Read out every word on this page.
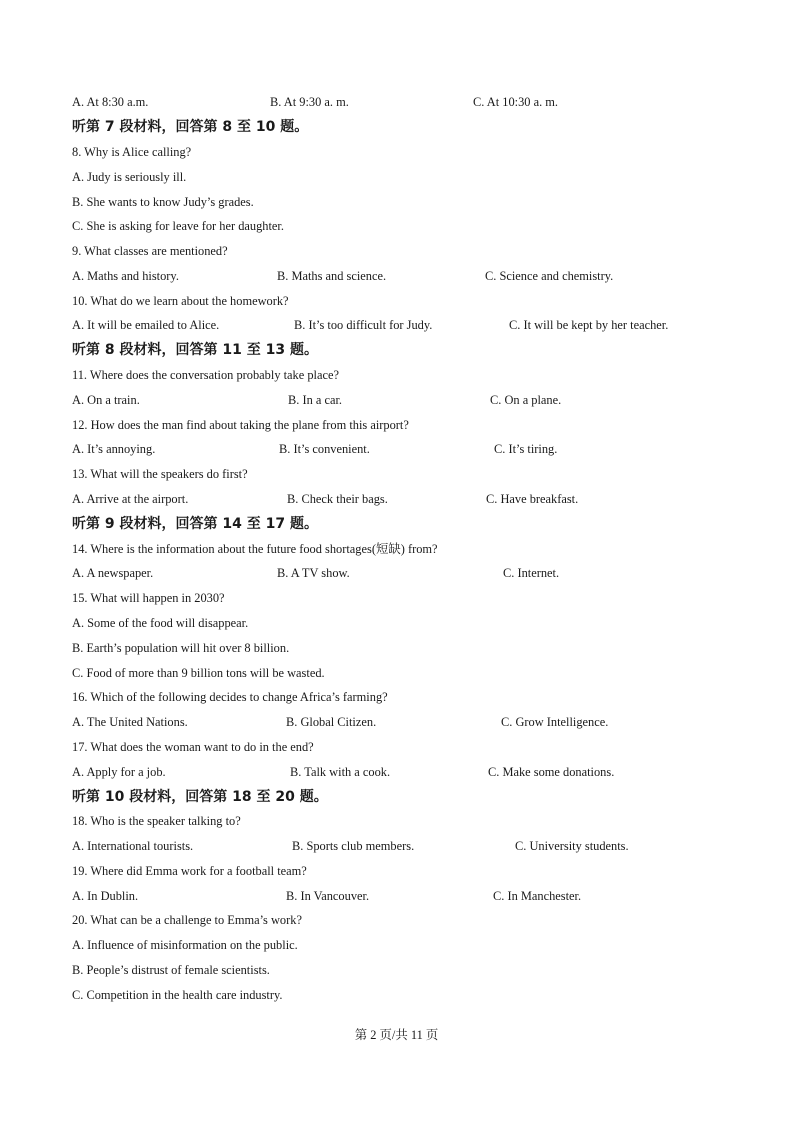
A. At 8:30 a.m.	B. At 9:30 a. m.	C. At 10:30 a. m.
听第 7 段材料，回答第 8 至 10 题。
8. Why is Alice calling?
A. Judy is seriously ill.
B. She wants to know Judy’s grades.
C. She is asking for leave for her daughter.
9. What classes are mentioned?
A. Maths and history.	B. Maths and science.	C. Science and chemistry.
10. What do we learn about the homework?
A. It will be emailed to Alice.	B. It’s too difficult for Judy.	C. It will be kept by her teacher.
听第 8 段材料，回答第 11 至 13 题。
11. Where does the conversation probably take place?
A. On a train.	B. In a car.	C. On a plane.
12. How does the man find about taking the plane from this airport?
A. It’s annoying.	B. It’s convenient.	C. It’s tiring.
13. What will the speakers do first?
A. Arrive at the airport.	B. Check their bags.	C. Have breakfast.
听第 9 段材料，回答第 14 至 17 题。
14. Where is the information about the future food shortages(短缺) from?
A. A newspaper.	B. A TV show.	C. Internet.
15. What will happen in 2030?
A. Some of the food will disappear.
B. Earth’s population will hit over 8 billion.
C. Food of more than 9 billion tons will be wasted.
16. Which of the following decides to change Africa’s farming?
A. The United Nations.	B. Global Citizen.	C. Grow Intelligence.
17. What does the woman want to do in the end?
A. Apply for a job.	B. Talk with a cook.	C. Make some donations.
听第 10 段材料，回答第 18 至 20 题。
18. Who is the speaker talking to?
A. International tourists.	B. Sports club members.	C. University students.
19. Where did Emma work for a football team?
A. In Dublin.	B. In Vancouver.	C. In Manchester.
20. What can be a challenge to Emma’s work?
A. Influence of misinformation on the public.
B. People’s distrust of female scientists.
C. Competition in the health care industry.
第 2 页/共 11 页
